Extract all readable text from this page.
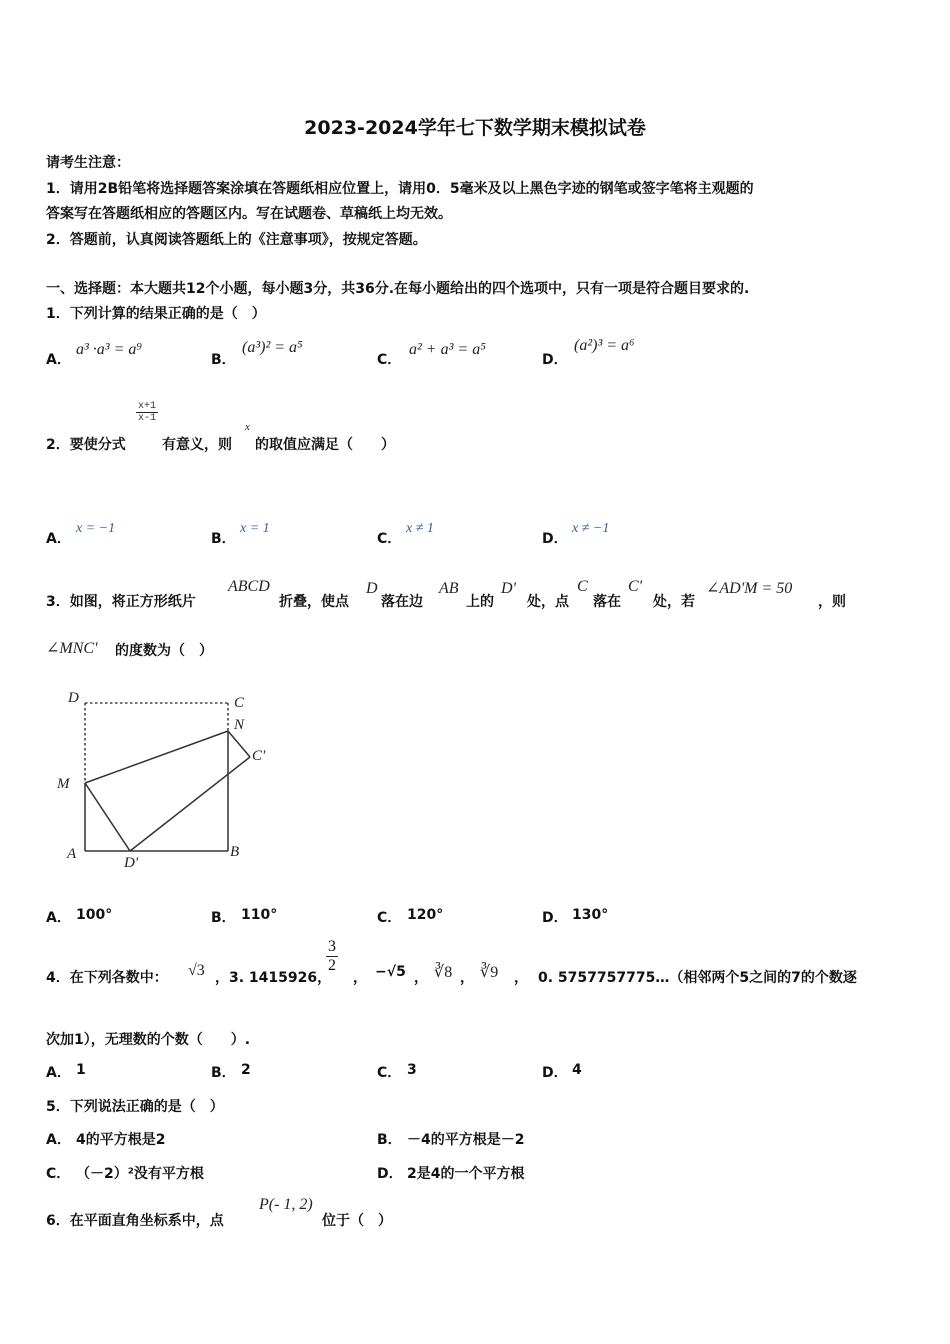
2023-2024学年七下数学期末模拟试卷
请考生注意：
1．请用2B铅笔将选择题答案涂填在答题纸相应位置上，请用0．5毫米及以上黑色字迹的钢笔或签字笔将主观题的
答案写在答题纸相应的答题区内。写在试题卷、草稿纸上均无效。
2．答题前，认真阅读答题纸上的《注意事项》，按规定答题。
一、选择题：本大题共12个小题，每小题3分，共36分.在每小题给出的四个选项中，只有一项是符合题目要求的.
1．下列计算的结果正确的是（　）
A．
a³ ·a³ = a⁹
B．
(a³)² = a⁵
C．
a² + a³ = a⁵
D．
(a²)³ = a⁶
2．要使分式
$\frac{x+1}{x-1}$
有意义，则
x
的取值应满足（　　）
A．
x = −1
B．
x = 1
C．
x ≠ 1
D．
x ≠ −1
3．如图，将正方形纸片
ABCD
折叠，使点
D
落在边
AB
上的
D'
处，点
C
落在
C'
处，若
∠AD'M = 50
，则
∠MNC' 的度数为（　）
D	C
N
C'
M
A
D'
B
A． 100°	B． 110°	C． 120°	D． 130°
4．在下列各数中： √3 ，3. 1415926，
$\frac{3}{2}$
， −√5 ， ∛8 ， ∛9 ， 0. 5757757775…（相邻两个5之间的7的个数逐
次加1），无理数的个数（　　）.
A． 1	B． 2	C． 3	D． 4
5．下列说法正确的是（　）
A． 4的平方根是2	B． －4的平方根是－2
C． （－2）²没有平方根	D． 2是4的一个平方根
6．在平面直角坐标系中，点
P(- 1, 2)
位于（　）
